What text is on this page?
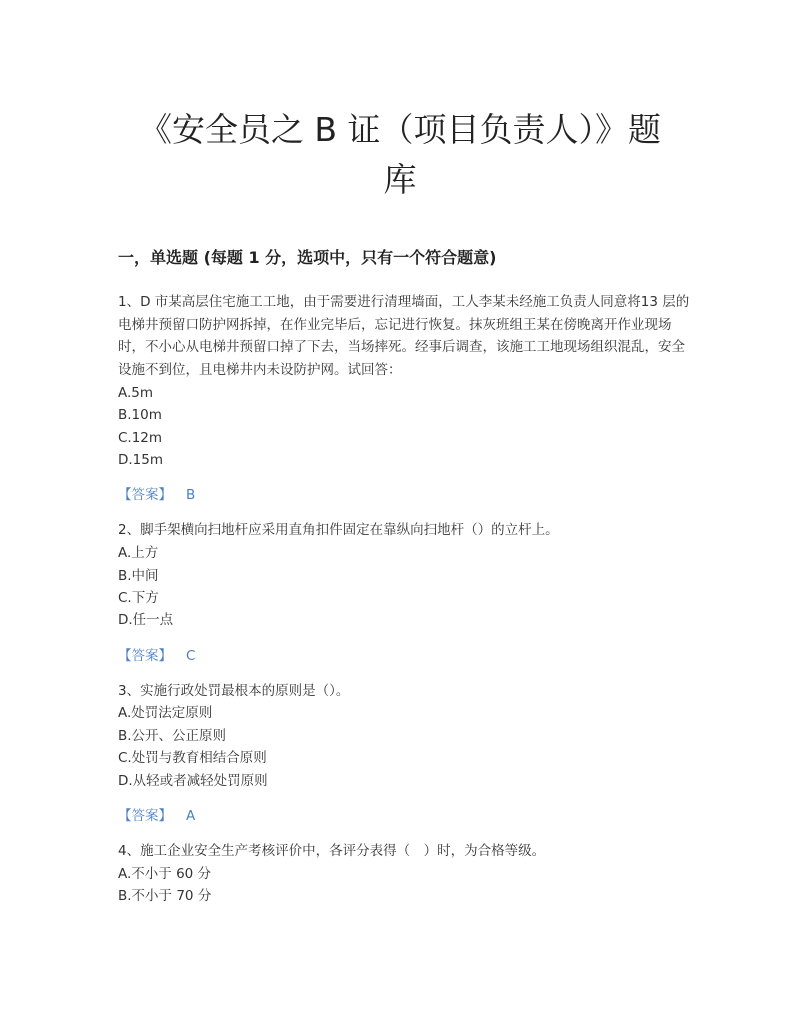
《安全员之 B 证（项目负责人）》题
库
一，单选题 (每题 1 分，选项中，只有一个符合题意)
1、D 市某高层住宅施工工地，由于需要进行清理墙面，工人李某未经施工负责人同意将13 层的电梯井预留口防护网拆掉，在作业完毕后，忘记进行恢复。抹灰班组王某在傍晚离开作业现场时，不小心从电梯井预留口掉了下去，当场摔死。经事后调查，该施工工地现场组织混乱，安全设施不到位，且电梯井内未设防护网。试回答：
A.5m
B.10m
C.12m
D.15m
【答案】 B
2、脚手架横向扫地杆应采用直角扣件固定在靠纵向扫地杆（）的立杆上。
A.上方
B.中间
C.下方
D.任一点
【答案】 C
3、实施行政处罚最根本的原则是（）。
A.处罚法定原则
B.公开、公正原则
C.处罚与教育相结合原则
D.从轻或者减轻处罚原则
【答案】 A
4、施工企业安全生产考核评价中，各评分表得（　）时，为合格等级。
A.不小于 60 分
B.不小于 70 分
